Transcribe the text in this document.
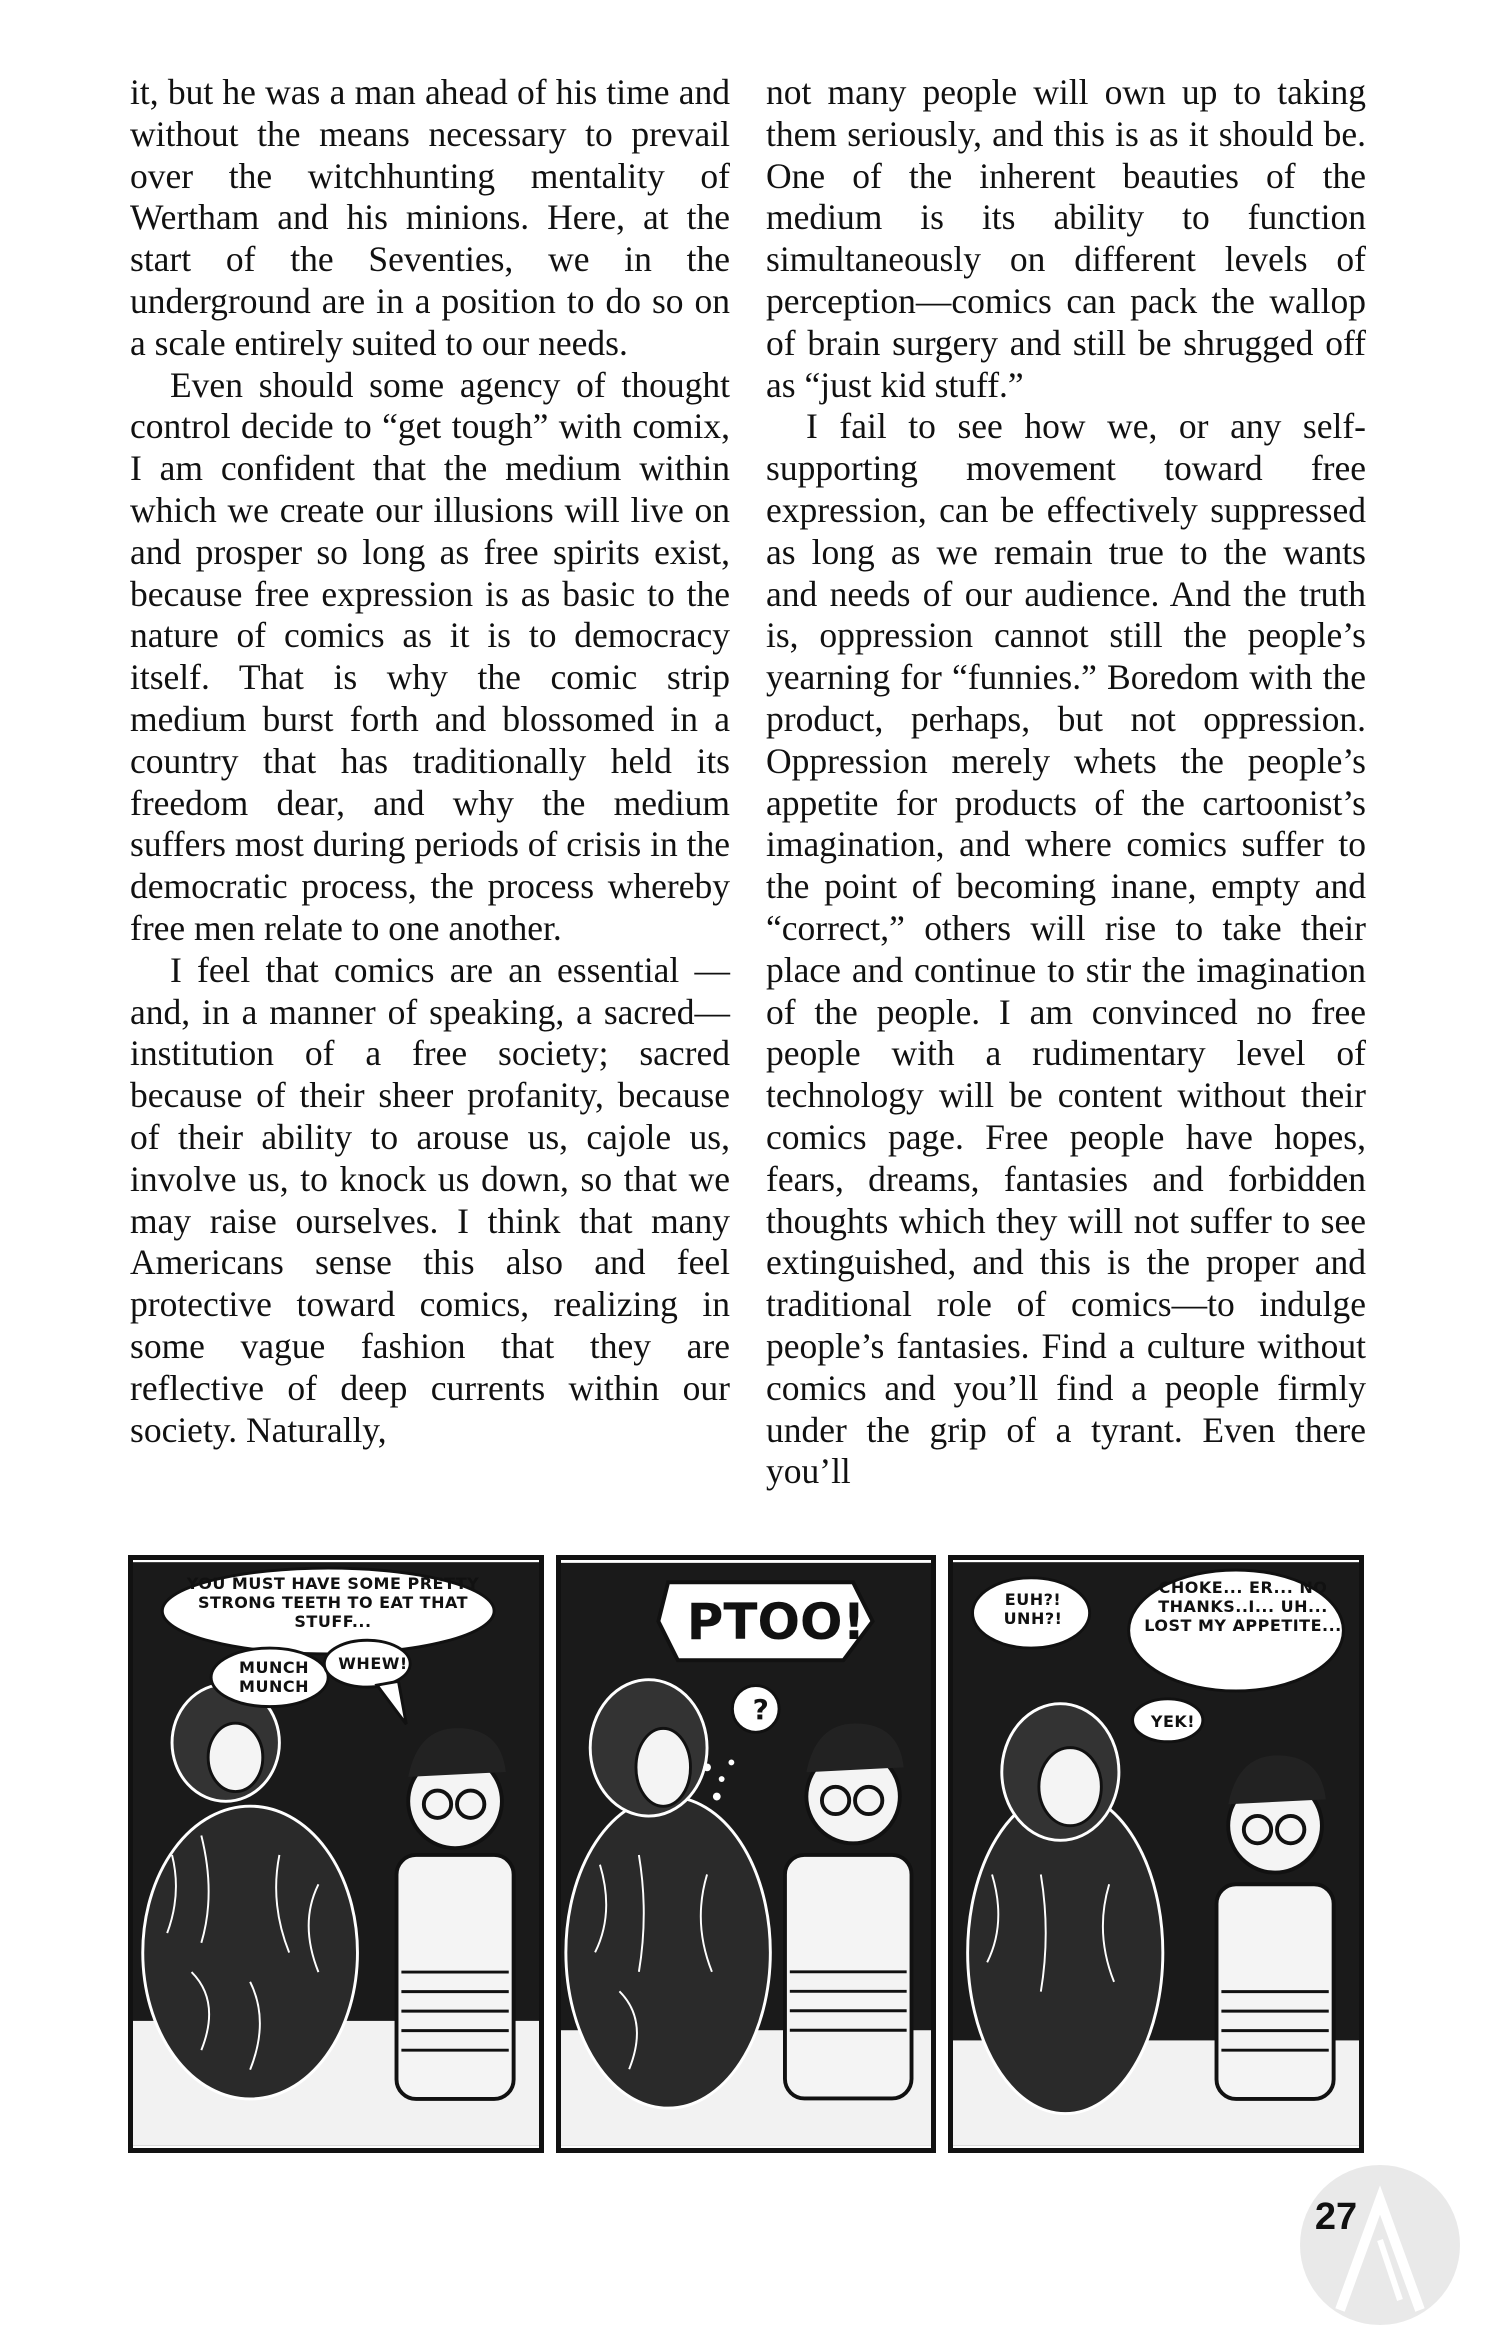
it, but he was a man ahead of his time and without the means necessary to prevail over the witchhunting mentality of Wertham and his minions. Here, at the start of the Seventies, we in the underground are in a position to do so on a scale entirely suited to our needs.

Even should some agency of thought control decide to “get tough” with comix, I am confident that the medium within which we create our illusions will live on and prosper so long as free spirits exist, because free expression is as basic to the nature of comics as it is to democracy itself. That is why the comic strip medium burst forth and blossomed in a country that has traditionally held its freedom dear, and why the medium suffers most during periods of crisis in the democratic process, the process whereby free men relate to one another.

I feel that comics are an essential —and, in a manner of speaking, a sacred—institution of a free society; sacred because of their sheer profanity, because of their ability to arouse us, cajole us, involve us, to knock us down, so that we may raise ourselves. I think that many Americans sense this also and feel protective toward comics, realizing in some vague fashion that they are reflective of deep currents within our society. Naturally,

not many people will own up to taking them seriously, and this is as it should be. One of the inherent beauties of the medium is its ability to function simultaneously on different levels of perception—comics can pack the wallop of brain surgery and still be shrugged off as “just kid stuff.”

I fail to see how we, or any self-supporting movement toward free expression, can be effectively suppressed as long as we remain true to the wants and needs of our audience. And the truth is, oppression cannot still the people’s yearning for “funnies.” Boredom with the product, perhaps, but not oppression. Oppression merely whets the people’s appetite for products of the cartoonist’s imagination, and where comics suffer to the point of becoming inane, empty and “correct,” others will rise to take their place and continue to stir the imagination of the people. I am convinced no free people with a rudimentary level of technology will be content without their comics page. Free people have hopes, fears, dreams, fantasies and forbidden thoughts which they will not suffer to see extinguished, and this is the proper and traditional role of comics—to indulge people’s fantasies. Find a culture without comics and you’ll find a people firmly under the grip of a tyrant. Even there you’ll

YOU MUST HAVE SOME PRETTY STRONG TEETH TO EAT THAT STUFF...
MUNCH MUNCH
WHEW!
PTOO!
?
EUH?! UNH?!
CHOKE... ER... NO THANKS..I... UH... LOST MY APPETITE...
YEK!
27
